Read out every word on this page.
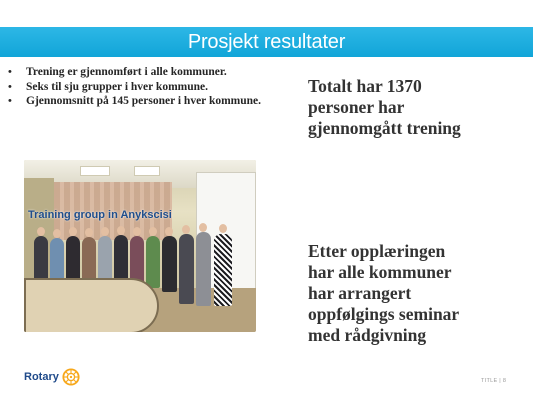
Prosjekt resultater
• Trening er gjennomført i alle kommuner.
• Seks til sju grupper i hver kommune.
• Gjennomsnitt på 145 personer i hver kommune.
Totalt har 1370
personer har
gjennomgått trening
Training group in Anykscisi
Etter opplæringen
har alle kommuner
har arrangert
oppfølgings seminar
med rådgivning
Rotary	TITLE | 8
